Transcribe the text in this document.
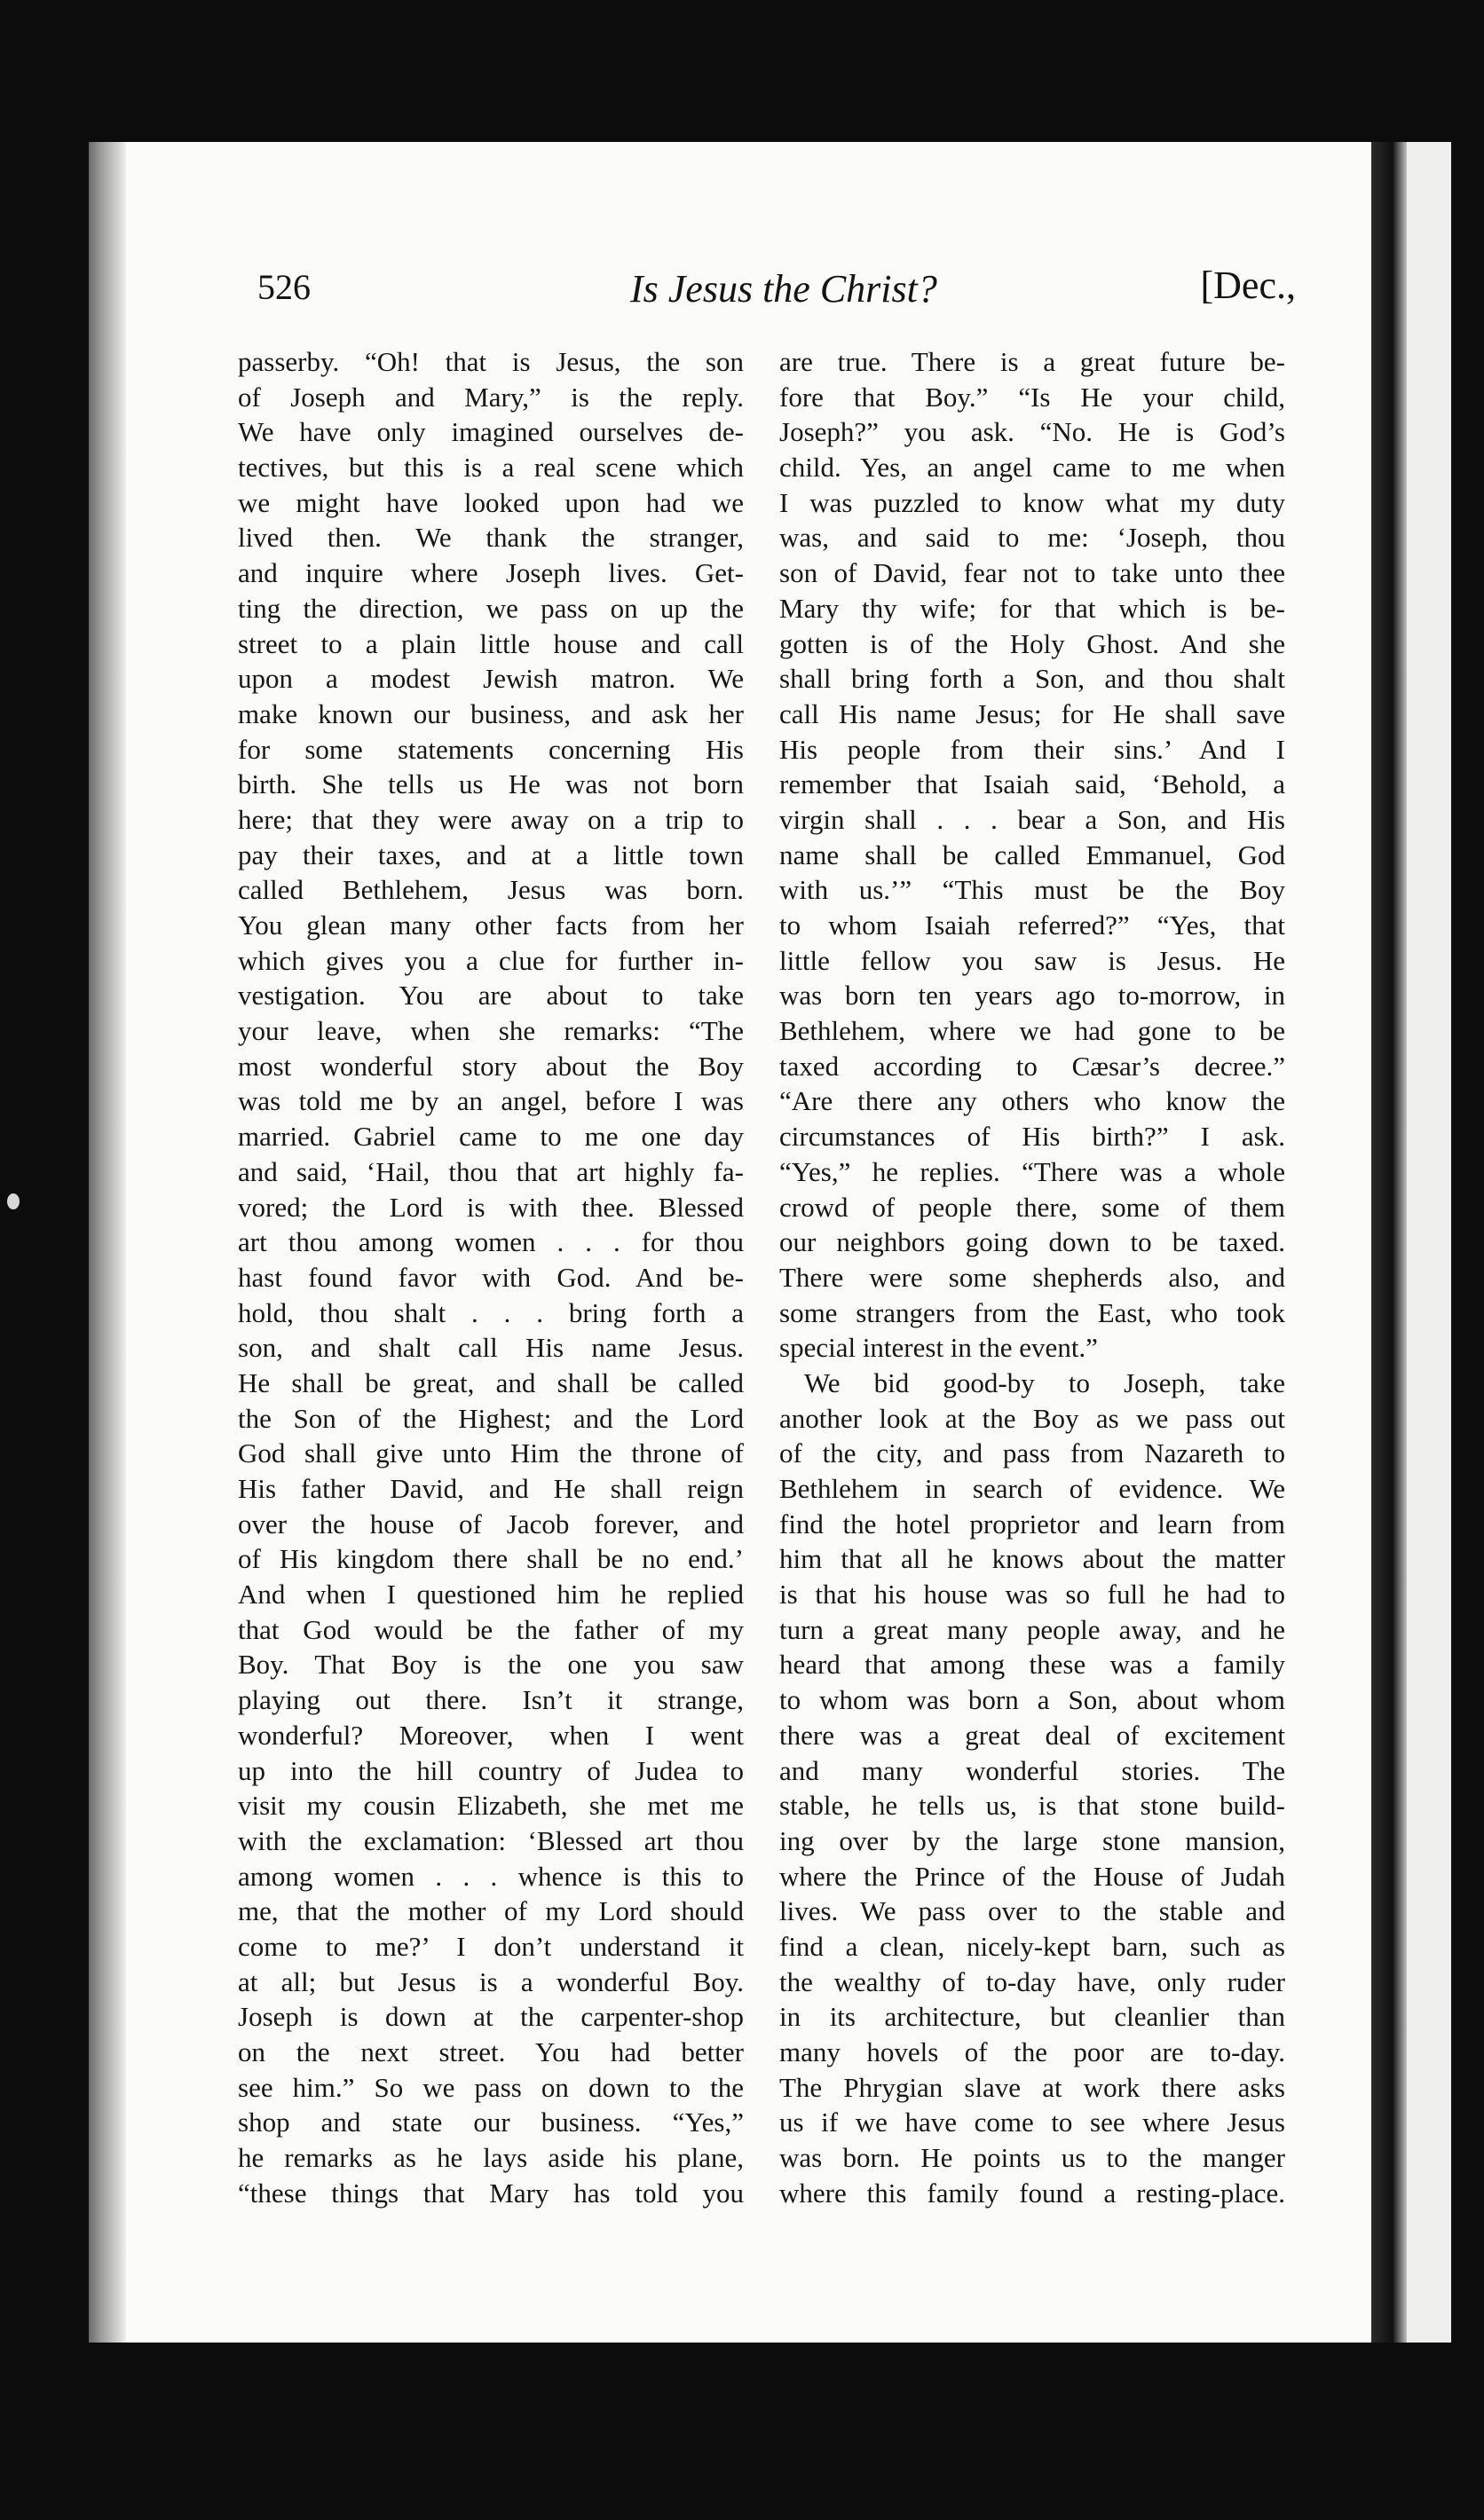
526	Is Jesus the Christ?	[Dec.,
passerby. “Oh! that is Jesus, the son
of Joseph and Mary,” is the reply.
We have only imagined ourselves de-
tectives, but this is a real scene which
we might have looked upon had we
lived then. We thank the stranger,
and inquire where Joseph lives. Get-
ting the direction, we pass on up the
street to a plain little house and call
upon a modest Jewish matron. We
make known our business, and ask her
for some statements concerning His
birth. She tells us He was not born
here; that they were away on a trip to
pay their taxes, and at a little town
called Bethlehem, Jesus was born.
You glean many other facts from her
which gives you a clue for further in-
vestigation. You are about to take
your leave, when she remarks: “The
most wonderful story about the Boy
was told me by an angel, before I was
married. Gabriel came to me one day
and said, ‘Hail, thou that art highly fa-
vored; the Lord is with thee. Blessed
art thou among women . . . for thou
hast found favor with God. And be-
hold, thou shalt . . . bring forth a
son, and shalt call His name Jesus.
He shall be great, and shall be called
the Son of the Highest; and the Lord
God shall give unto Him the throne of
His father David, and He shall reign
over the house of Jacob forever, and
of His kingdom there shall be no end.’
And when I questioned him he replied
that God would be the father of my
Boy. That Boy is the one you saw
playing out there. Isn’t it strange,
wonderful? Moreover, when I went
up into the hill country of Judea to
visit my cousin Elizabeth, she met me
with the exclamation: ‘Blessed art thou
among women . . . whence is this to
me, that the mother of my Lord should
come to me?’ I don’t understand it
at all; but Jesus is a wonderful Boy.
Joseph is down at the carpenter-shop
on the next street. You had better
see him.” So we pass on down to the
shop and state our business. “Yes,”
he remarks as he lays aside his plane,
“these things that Mary has told you
are true. There is a great future be-
fore that Boy.” “Is He your child,
Joseph?” you ask. “No. He is God’s
child. Yes, an angel came to me when
I was puzzled to know what my duty
was, and said to me: ‘Joseph, thou
son of David, fear not to take unto thee
Mary thy wife; for that which is be-
gotten is of the Holy Ghost. And she
shall bring forth a Son, and thou shalt
call His name Jesus; for He shall save
His people from their sins.’ And I
remember that Isaiah said, ‘Behold, a
virgin shall . . . bear a Son, and His
name shall be called Emmanuel, God
with us.’” “This must be the Boy
to whom Isaiah referred?” “Yes, that
little fellow you saw is Jesus. He
was born ten years ago to-morrow, in
Bethlehem, where we had gone to be
taxed according to Cæsar’s decree.”
“Are there any others who know the
circumstances of His birth?” I ask.
“Yes,” he replies. “There was a whole
crowd of people there, some of them
our neighbors going down to be taxed.
There were some shepherds also, and
some strangers from the East, who took
special interest in the event.”
We bid good-by to Joseph, take
another look at the Boy as we pass out
of the city, and pass from Nazareth to
Bethlehem in search of evidence. We
find the hotel proprietor and learn from
him that all he knows about the matter
is that his house was so full he had to
turn a great many people away, and he
heard that among these was a family
to whom was born a Son, about whom
there was a great deal of excitement
and many wonderful stories. The
stable, he tells us, is that stone build-
ing over by the large stone mansion,
where the Prince of the House of Judah
lives. We pass over to the stable and
find a clean, nicely-kept barn, such as
the wealthy of to-day have, only ruder
in its architecture, but cleanlier than
many hovels of the poor are to-day.
The Phrygian slave at work there asks
us if we have come to see where Jesus
was born. He points us to the manger
where this family found a resting-place.
